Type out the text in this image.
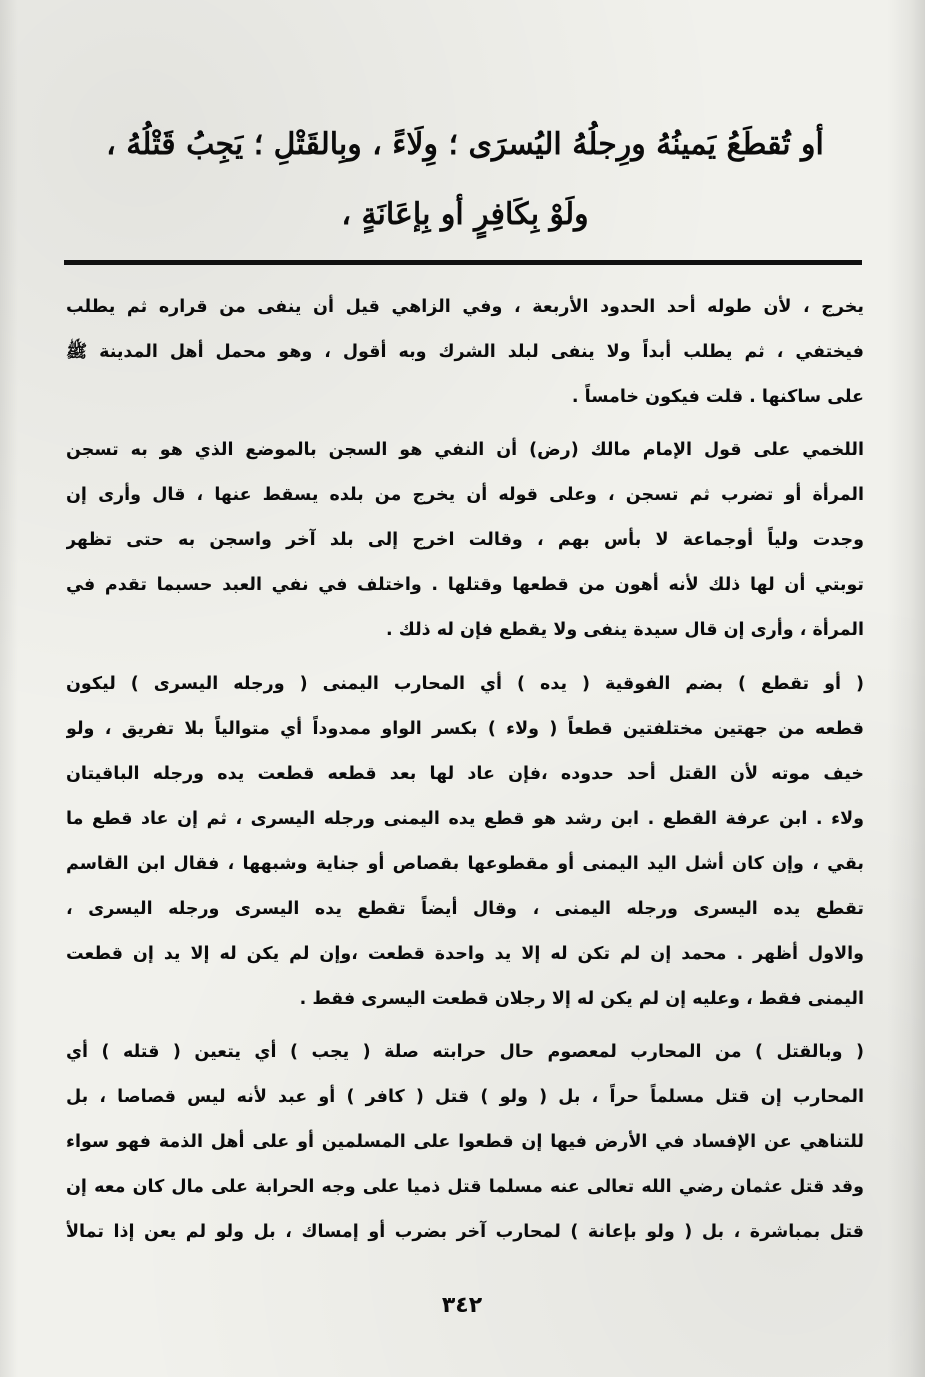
أو تُقطَعُ يَمينُهُ ورِجلُهُ اليُسرَى ؛ وِلَاءً ، وبِالقَتْلِ ؛ يَجِبُ قَتْلُهُ ،
ولَوْ بِكَافِرٍ أو بِإعَانَةٍ ،
يخرج ، لأن طوله أحد الحدود الأربعة ، وفي الزاهي قيل أن ينفى من قراره ثم يطلب
فيختفي ، ثم يطلب أبداً ولا ينفى لبلد الشرك وبه أقول ، وهو محمل أهل المدينة ﷺ
على ساكنها . قلت فيكون خامساً .
اللخمي على قول الإمام مالك (رض) أن النفي هو السجن بالموضع الذي هو به تسجن
المرأة أو تضرب ثم تسجن ، وعلى قوله أن يخرج من بلده يسقط عنها ، قال وأرى إن
وجدت ولياً أوجماعة لا بأس بهم ، وقالت اخرج إلى بلد آخر واسجن به حتى تظهر
توبتي أن لها ذلك لأنه أهون من قطعها وقتلها . واختلف في نفي العبد حسبما تقدم في
المرأة ، وأرى إن قال سيدة ينفى ولا يقطع فإن له ذلك .
( أو تقطع ) بضم الفوقية ( يده ) أي المحارب اليمنى ( ورجله اليسرى ) ليكون
قطعه من جهتين مختلفتين قطعاً ( ولاء ) بكسر الواو ممدوداً أي متوالياً بلا تفريق ، ولو
خيف موته لأن القتل أحد حدوده ،فإن عاد لها بعد قطعه قطعت يده ورجله الباقيتان
ولاء . ابن عرفة القطع . ابن رشد هو قطع يده اليمنى ورجله اليسرى ، ثم إن عاد قطع ما
بقي ، وإن كان أشل اليد اليمنى أو مقطوعها بقصاص أو جناية وشبهها ، فقال ابن القاسم
تقطع يده اليسرى ورجله اليمنى ، وقال أيضاً تقطع يده اليسرى ورجله اليسرى ،
والاول أظهر . محمد إن لم تكن له إلا يد واحدة قطعت ،وإن لم يكن له إلا يد إن قطعت
اليمنى فقط ، وعليه إن لم يكن له إلا رجلان قطعت اليسرى فقط .
( وبالقتل ) من المحارب لمعصوم حال حرابته صلة ( يجب ) أي يتعين ( قتله ) أي
المحارب إن قتل مسلماً حراً ، بل ( ولو ) قتل ( كافر ) أو عبد لأنه ليس قصاصا ، بل
للتناهي عن الإفساد في الأرض فيها إن قطعوا على المسلمين أو على أهل الذمة فهو سواء
وقد قتل عثمان رضي الله تعالى عنه مسلما قتل ذميا على وجه الحرابة على مال كان معه إن
قتل بمباشرة ، بل ( ولو بإعانة ) لمحارب آخر بضرب أو إمساك ، بل ولو لم يعن إذا تمالأ
٣٤٢
